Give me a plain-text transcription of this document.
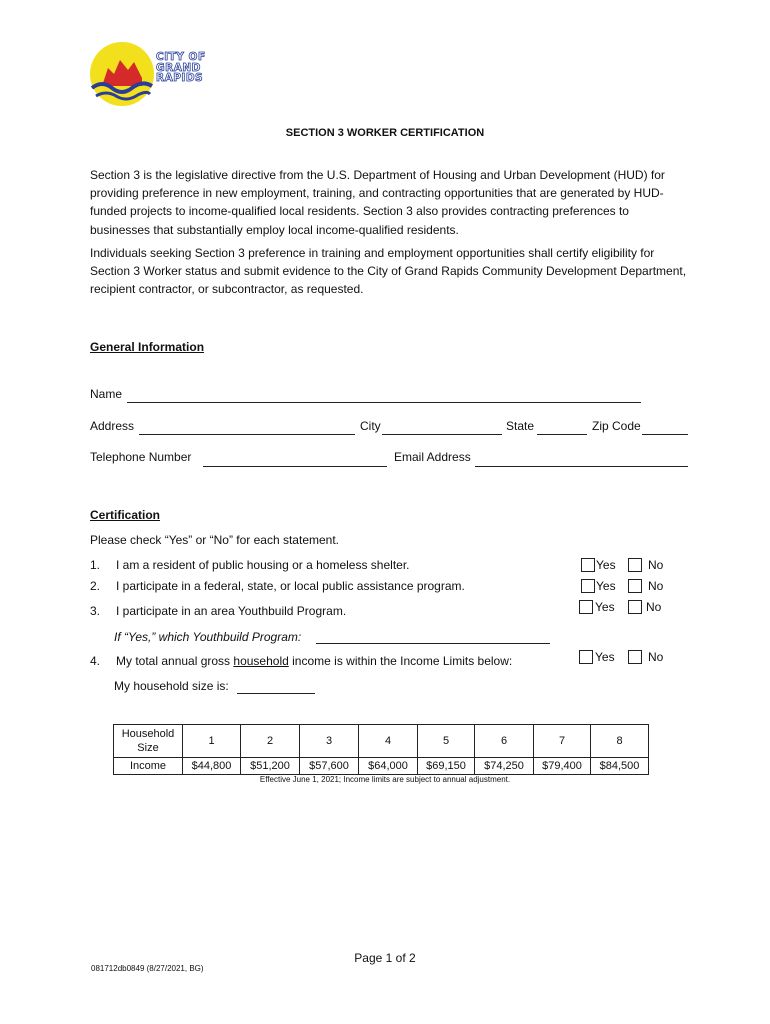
CITY OF
GRAND
RAPIDS
SECTION 3 WORKER CERTIFICATION
Section 3 is the legislative directive from the U.S. Department of Housing and Urban Development (HUD) for providing preference in new employment, training, and contracting opportunities that are generated by HUD-funded projects to income-qualified local residents. Section 3 also provides contracting preferences to businesses that substantially employ local income-qualified residents.
Individuals seeking Section 3 preference in training and employment opportunities shall certify eligibility for Section 3 Worker status and submit evidence to the City of Grand Rapids Community Development Department, recipient contractor, or subcontractor, as requested.
General Information
Name
Address	City	State	Zip Code
Telephone Number	Email Address
Certification
Please check “Yes” or “No” for each statement.
1. I am a resident of public housing or a homeless shelter.	Yes	No
2. I participate in a federal, state, or local public assistance program.	Yes	No
3. I participate in an area Youthbuild Program.	Yes	No
If “Yes,” which Youthbuild Program:
4. My total annual gross household income is within the Income Limits below:	Yes	No
My household size is:
Household Size	1	2	3	4	5	6	7	8
Income	$44,800	$51,200	$57,600	$64,000	$69,150	$74,250	$79,400	$84,500
Effective June 1, 2021; Income limits are subject to annual adjustment.
Page 1 of 2
081712db0849 (8/27/2021, BG)
